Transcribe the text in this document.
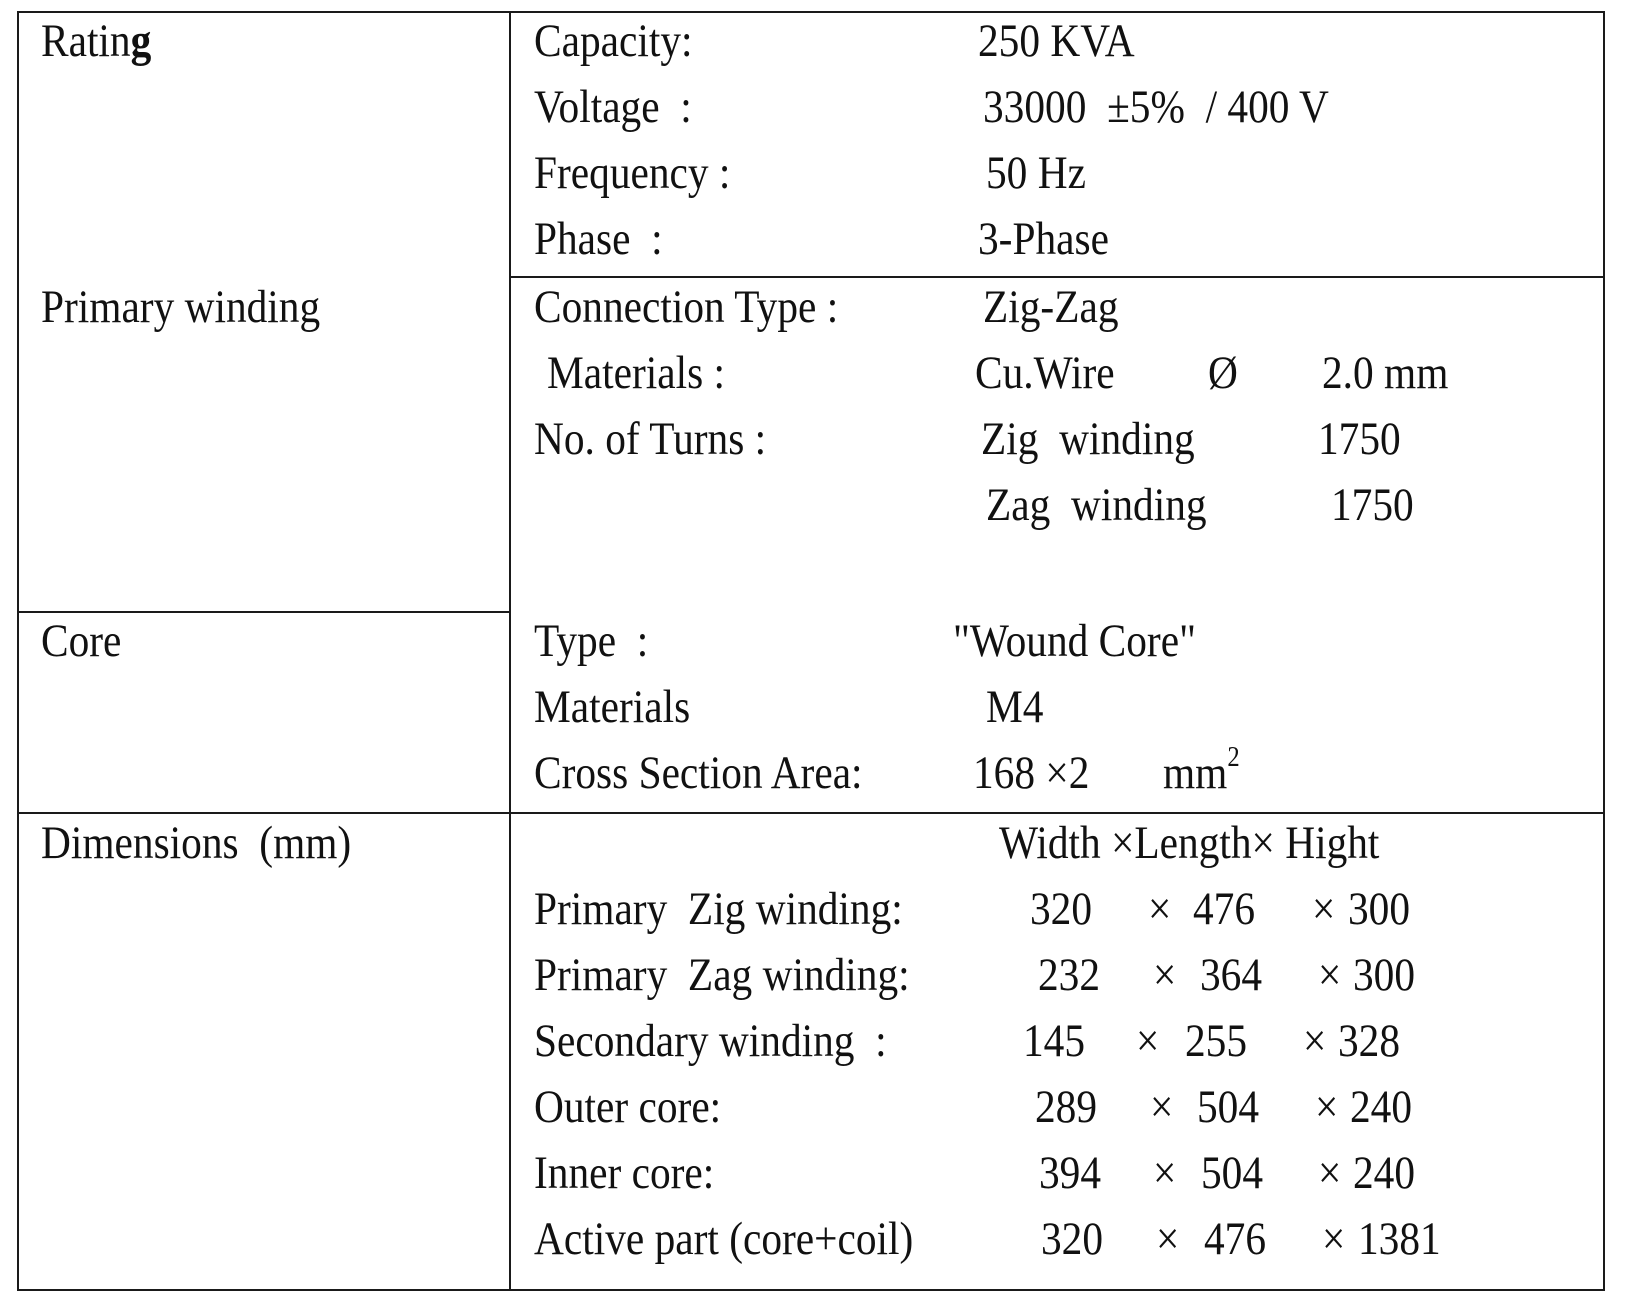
Rating	Capacity:	250 KVA
Voltage  :	33000  ±5%  / 400 V
Frequency :	50 Hz
Phase  :	3-Phase
Primary winding	Connection Type :	Zig-Zag
Materials :	Cu.Wire Ø 2.0 mm
No. of Turns :	Zig  winding	1750
Zag  winding	1750
Core	Type  :	"Wound Core"
Materials	M4
Cross Section Area: 168 ×2 $mm^2$
Dimensions  (mm)	Width ×Length× Hight
Primary  Zig winding:	320 × 476 × 300
Primary  Zag winding:	232 × 364 × 300
Secondary winding  :	145 × 255 × 328
Outer core:	289 × 504 × 240
Inner core:	394 × 504 × 240
Active part (core+coil)	320 × 476 × 1381
